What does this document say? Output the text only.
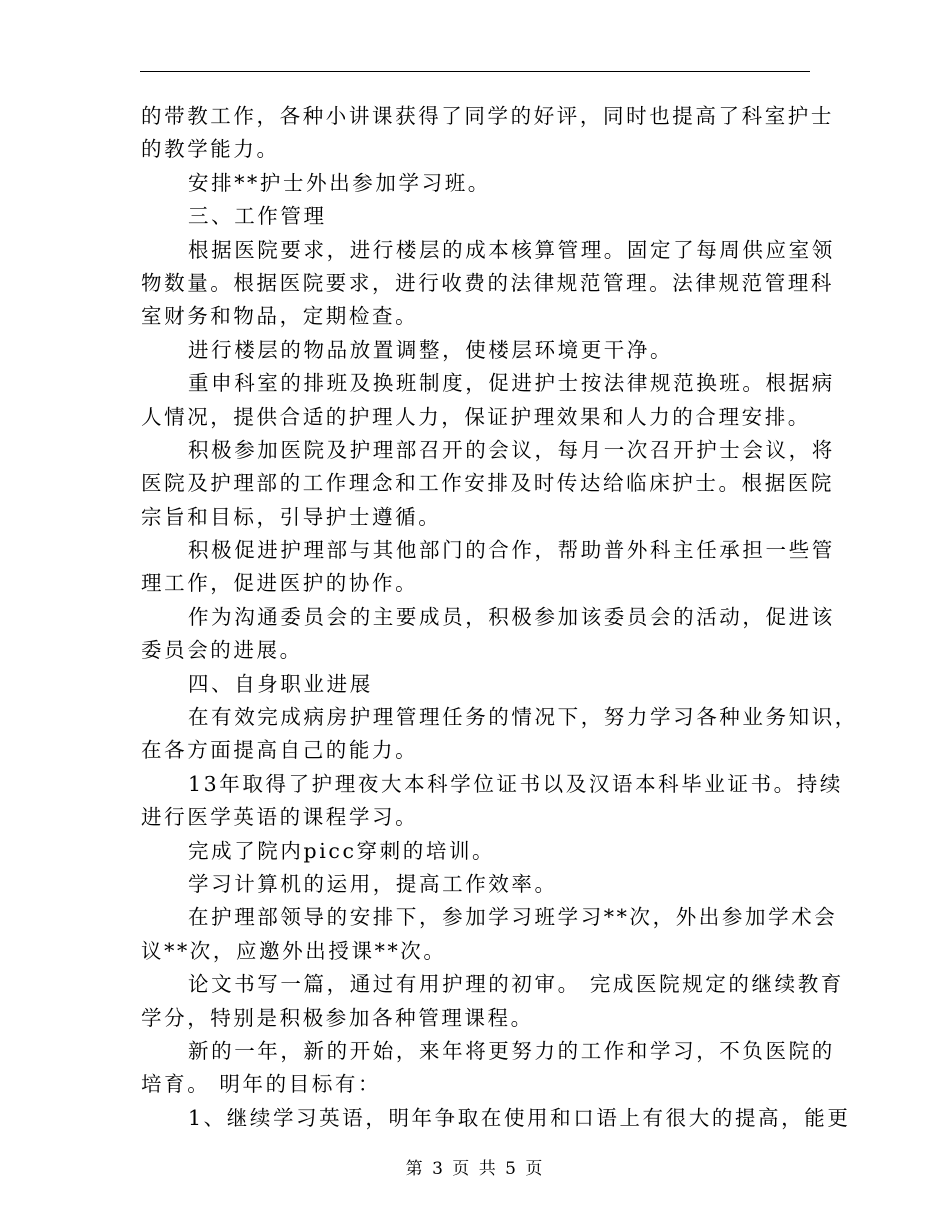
的带教工作，各种小讲课获得了同学的好评，同时也提高了科室护士
的教学能力。
安排**护士外出参加学习班。
三、工作管理
根据医院要求，进行楼层的成本核算管理。固定了每周供应室领
物数量。根据医院要求，进行收费的法律规范管理。法律规范管理科
室财务和物品，定期检查。
进行楼层的物品放置调整，使楼层环境更干净。
重申科室的排班及换班制度，促进护士按法律规范换班。根据病
人情况，提供合适的护理人力，保证护理效果和人力的合理安排。
积极参加医院及护理部召开的会议，每月一次召开护士会议，将
医院及护理部的工作理念和工作安排及时传达给临床护士。根据医院
宗旨和目标，引导护士遵循。
积极促进护理部与其他部门的合作，帮助普外科主任承担一些管
理工作，促进医护的协作。
作为沟通委员会的主要成员，积极参加该委员会的活动，促进该
委员会的进展。
四、自身职业进展
在有效完成病房护理管理任务的情况下，努力学习各种业务知识，
在各方面提高自己的能力。
13年取得了护理夜大本科学位证书以及汉语本科毕业证书。持续
进行医学英语的课程学习。
完成了院内picc穿刺的培训。
学习计算机的运用，提高工作效率。
在护理部领导的安排下，参加学习班学习**次，外出参加学术会
议**次，应邀外出授课**次。
论文书写一篇，通过有用护理的初审。 完成医院规定的继续教育
学分，特别是积极参加各种管理课程。
新的一年，新的开始，来年将更努力的工作和学习，不负医院的
培育。 明年的目标有：
1、继续学习英语，明年争取在使用和口语上有很大的提高，能更
第 3 页 共 5 页
